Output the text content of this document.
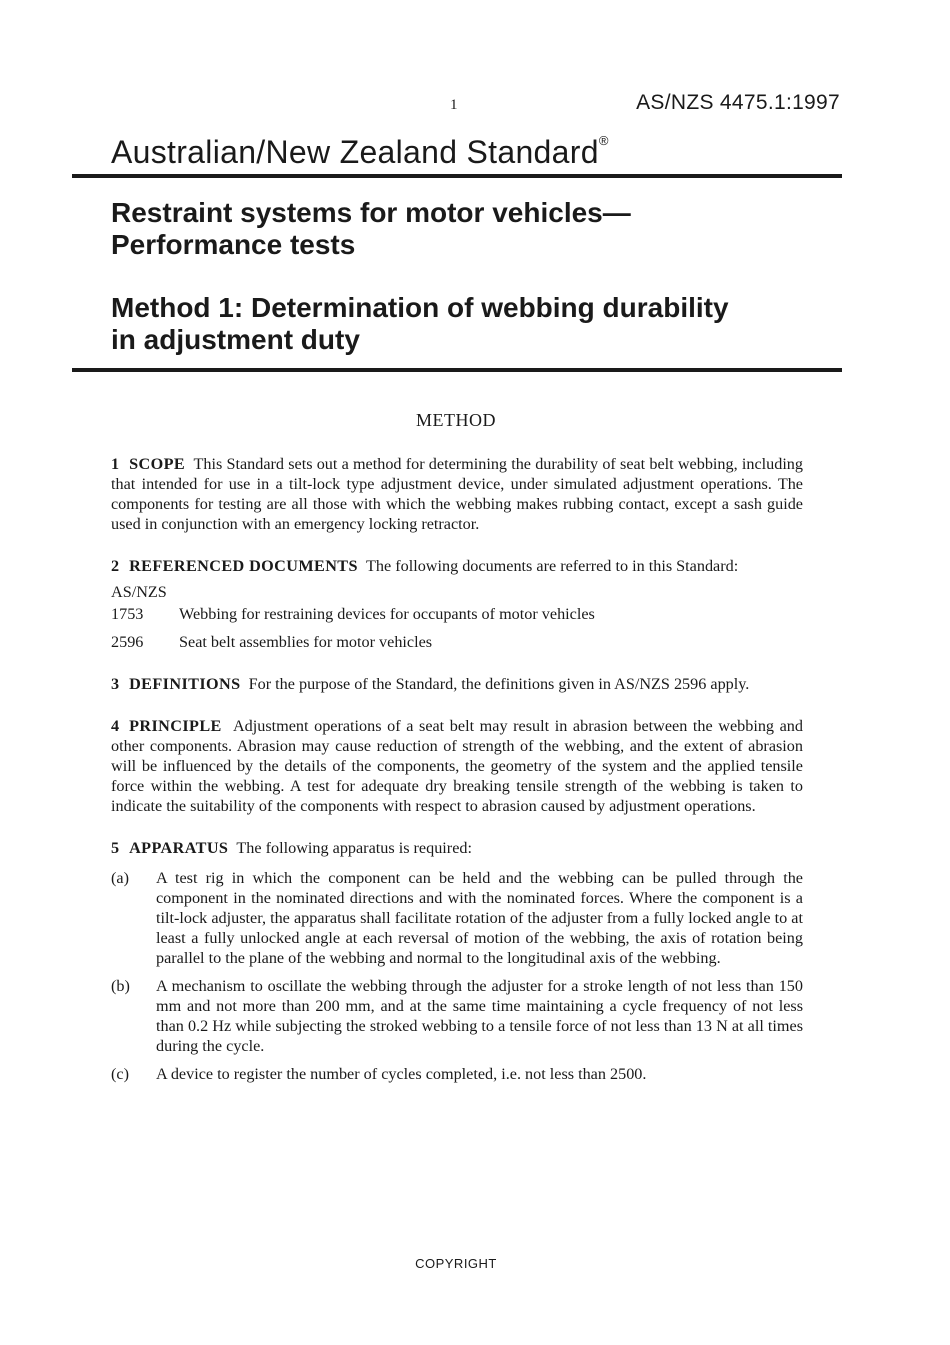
1	AS/NZS 4475.1:1997
Australian/New Zealand Standard®
Restraint systems for motor vehicles—
Performance tests
Method 1: Determination of webbing durability
in adjustment duty
METHOD

1 SCOPE This Standard sets out a method for determining the durability of seat belt webbing, including that intended for use in a tilt-lock type adjustment device, under simulated adjustment operations. The components for testing are all those with which the webbing makes rubbing contact, except a sash guide used in conjunction with an emergency locking retractor.

2 REFERENCED DOCUMENTS The following documents are referred to in this Standard:

AS/NZS
1753	Webbing for restraining devices for occupants of motor vehicles
2596	Seat belt assemblies for motor vehicles

3 DEFINITIONS For the purpose of the Standard, the definitions given in AS/NZS 2596 apply.

4 PRINCIPLE Adjustment operations of a seat belt may result in abrasion between the webbing and other components. Abrasion may cause reduction of strength of the webbing, and the extent of abrasion will be influenced by the details of the components, the geometry of the system and the applied tensile force within the webbing. A test for adequate dry breaking tensile strength of the webbing is taken to indicate the suitability of the components with respect to abrasion caused by adjustment operations.

5 APPARATUS The following apparatus is required:

(a)	A test rig in which the component can be held and the webbing can be pulled through the component in the nominated directions and with the nominated forces. Where the component is a tilt-lock adjuster, the apparatus shall facilitate rotation of the adjuster from a fully locked angle to at least a fully unlocked angle at each reversal of motion of the webbing, the axis of rotation being parallel to the plane of the webbing and normal to the longitudinal axis of the webbing.
(b)	A mechanism to oscillate the webbing through the adjuster for a stroke length of not less than 150 mm and not more than 200 mm, and at the same time maintaining a cycle frequency of not less than 0.2 Hz while subjecting the stroked webbing to a tensile force of not less than 13 N at all times during the cycle.
(c)	A device to register the number of cycles completed, i.e. not less than 2500.
COPYRIGHT
